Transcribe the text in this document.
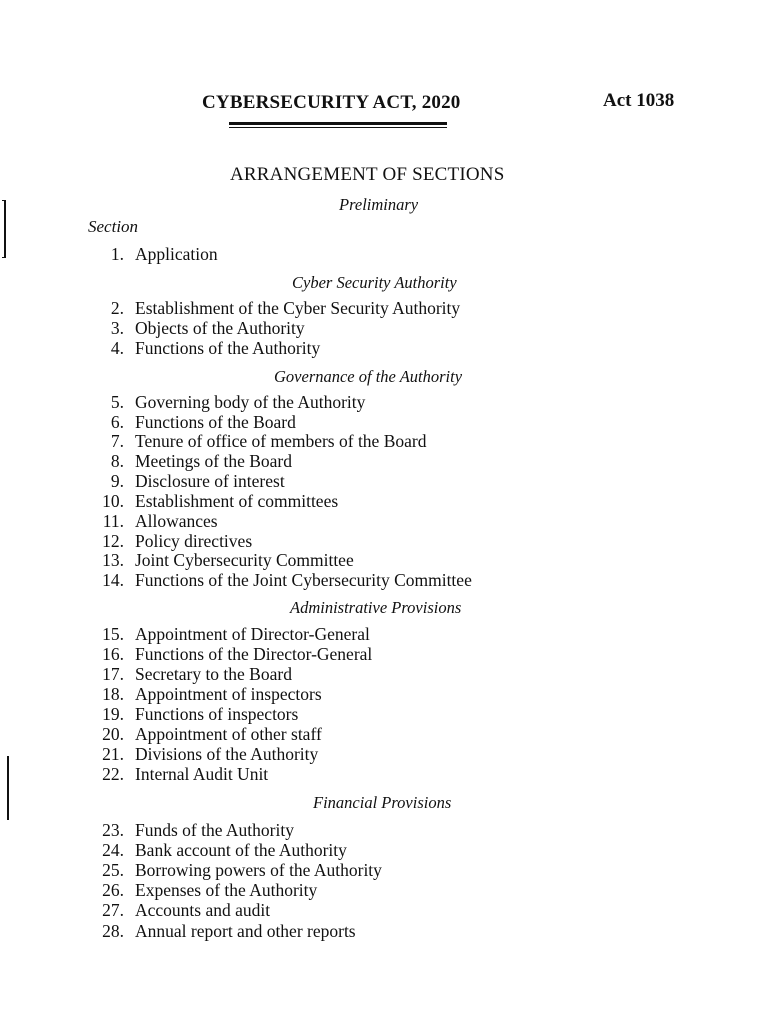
CYBERSECURITY ACT, 2020	Act 1038
ARRANGEMENT OF SECTIONS
Section
Preliminary
Cyber Security Authority
Governance of the Authority
Administrative Provisions
Financial Provisions
1. Application
2. Establishment of the Cyber Security Authority
3. Objects of the Authority
4. Functions of the Authority
5. Governing body of the Authority
6. Functions of the Board
7. Tenure of office of members of the Board
8. Meetings of the Board
9. Disclosure of interest
10. Establishment of committees
11. Allowances
12. Policy directives
13. Joint Cybersecurity Committee
14. Functions of the Joint Cybersecurity Committee
15. Appointment of Director-General
16. Functions of the Director-General
17. Secretary to the Board
18. Appointment of inspectors
19. Functions of inspectors
20. Appointment of other staff
21. Divisions of the Authority
22. Internal Audit Unit
23. Funds of the Authority
24. Bank account of the Authority
25. Borrowing powers of the Authority
26. Expenses of the Authority
27. Accounts and audit
28. Annual report and other reports
